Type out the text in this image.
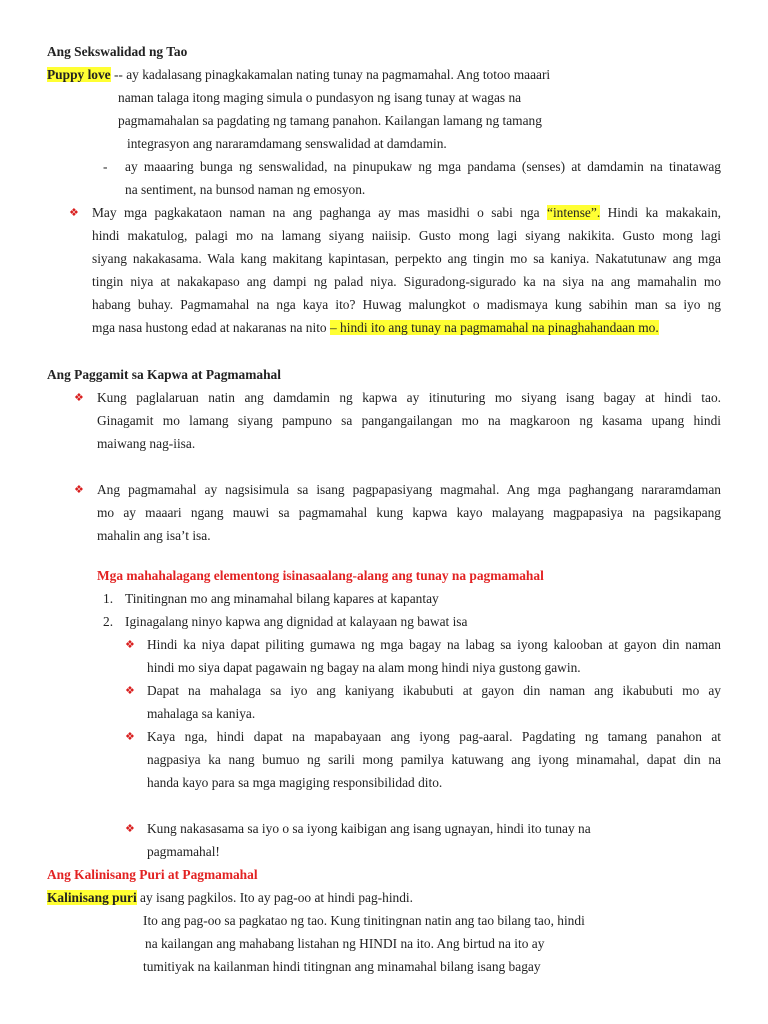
Ang Sekswalidad ng Tao
Puppy love -- ay kadalasang pinagkakamalan nating tunay na pagmamahal. Ang totoo maaari
naman talaga itong maging simula o pundasyon ng isang tunay at wagas na
pagmamahalan sa pagdating ng tamang panahon. Kailangan lamang ng tamang
integrasyon ang nararamdamang senswalidad at damdamin.
- ay maaaring bunga ng senswalidad, na pinupukaw ng mga pandama (senses) at damdamin na tinatawag
na sentiment, na bunsod naman ng emosyon.
❖ May mga pagkakataon naman na ang paghanga ay mas masidhi o sabi nga “intense”. Hindi ka makakain,
hindi makatulog, palagi mo na lamang siyang naiisip. Gusto mong lagi siyang nakikita. Gusto mong lagi
siyang nakakasama. Wala kang makitang kapintasan, perpekto ang tingin mo sa kaniya. Nakatutunaw ang mga
tingin niya at nakakapaso ang dampi ng palad niya. Siguradong-sigurado ka na siya na ang mamahalin mo
habang buhay. Pagmamahal na nga kaya ito? Huwag malungkot o madismaya kung sabihin man sa iyo ng
mga nasa hustong edad at nakaranas na nito – hindi ito ang tunay na pagmamahal na pinaghahandaan mo.
Ang Paggamit sa Kapwa at Pagmamahal
❖ Kung paglalaruan natin ang damdamin ng kapwa ay itinuturing mo siyang isang bagay at hindi tao.
Ginagamit mo lamang siyang pampuno sa pangangailangan mo na magkaroon ng kasama upang hindi
maiwang nag-iisa.
❖ Ang pagmamahal ay nagsisimula sa isang pagpapasiyang magmahal. Ang mga paghangang nararamdaman
mo ay maaari ngang mauwi sa pagmamahal kung kapwa kayo malayang magpapasiya na pagsikapang
mahalin ang isa’t isa.
Mga mahahalagang elementong isinasaalang-alang ang tunay na pagmamahal
1. Tinitingnan mo ang minamahal bilang kapares at kapantay
2. Iginagalang ninyo kapwa ang dignidad at kalayaan ng bawat isa
❖ Hindi ka niya dapat piliting gumawa ng mga bagay na labag sa iyong kalooban at gayon din naman
hindi mo siya dapat pagawain ng bagay na alam mong hindi niya gustong gawin.
❖ Dapat na mahalaga sa iyo ang kaniyang ikabubuti at gayon din naman ang ikabubuti mo ay
mahalaga sa kaniya.
❖ Kaya nga, hindi dapat na mapabayaan ang iyong pag-aaral. Pagdating ng tamang panahon at
nagpasiya ka nang bumuo ng sarili mong pamilya katuwang ang iyong minamahal, dapat din na
handa kayo para sa mga magiging responsibilidad dito.
❖ Kung nakasasama sa iyo o sa iyong kaibigan ang isang ugnayan, hindi ito tunay na
pagmamahal!
Ang Kalinisang Puri at Pagmamahal
Kalinisang puri ay isang pagkilos. Ito ay pag-oo at hindi pag-hindi.
Ito ang pag-oo sa pagkatao ng tao. Kung tinitingnan natin ang tao bilang tao, hindi
na kailangan ang mahabang listahan ng HINDI na ito. Ang birtud na ito ay
tumitiyak na kailanman hindi titingnan ang minamahal bilang isang bagay
